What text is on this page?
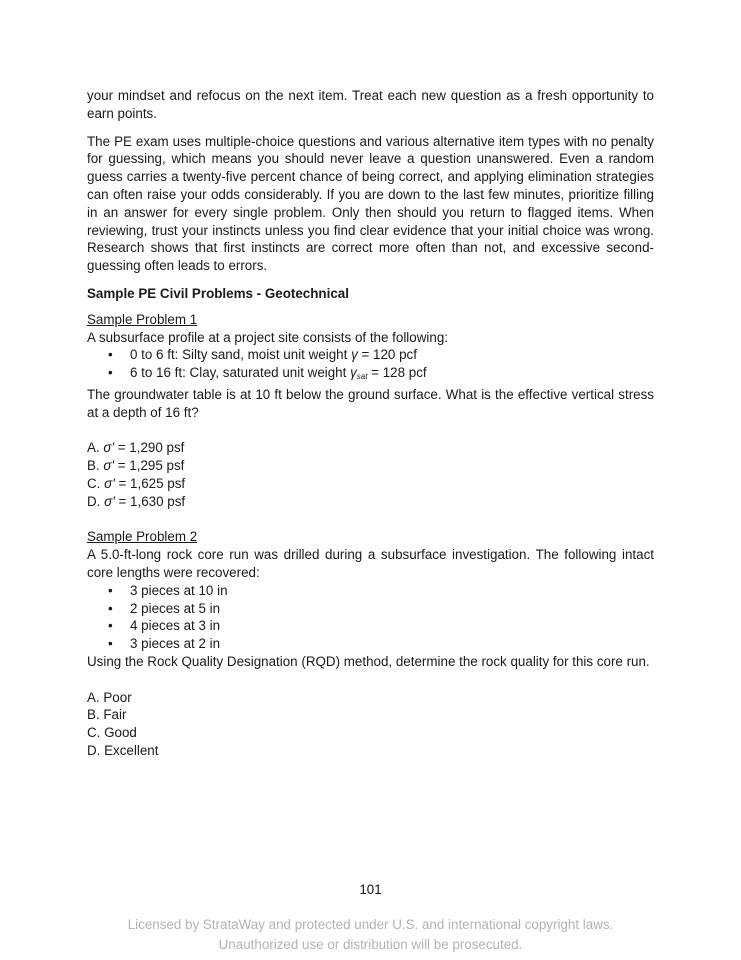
your mindset and refocus on the next item. Treat each new question as a fresh opportunity to earn points.

The PE exam uses multiple-choice questions and various alternative item types with no penalty for guessing, which means you should never leave a question unanswered. Even a random guess carries a twenty-five percent chance of being correct, and applying elimination strategies can often raise your odds considerably. If you are down to the last few minutes, prioritize filling in an answer for every single problem. Only then should you return to flagged items. When reviewing, trust your instincts unless you find clear evidence that your initial choice was wrong. Research shows that first instincts are correct more often than not, and excessive second-guessing often leads to errors.

Sample PE Civil Problems - Geotechnical

Sample Problem 1

A subsurface profile at a project site consists of the following:

• 0 to 6 ft: Silty sand, moist unit weight γ = 120 pcf
• 6 to 16 ft: Clay, saturated unit weight $\gamma_{sat} = 128$ pcf

The groundwater table is at 10 ft below the ground surface. What is the effective vertical stress at a depth of 16 ft?

A. σ' = 1,290 psf

B. σ' = 1,295 psf

C. σ' = 1,625 psf

D. σ' = 1,630 psf

Sample Problem 2

A 5.0-ft-long rock core run was drilled during a subsurface investigation. The following intact core lengths were recovered:

• 3 pieces at 10 in
• 2 pieces at 5 in
• 4 pieces at 3 in
• 3 pieces at 2 in

Using the Rock Quality Designation (RQD) method, determine the rock quality for this core run.

A. Poor

B. Fair

C. Good

D. Excellent

101
Licensed by StrataWay and protected under U.S. and international copyright laws.
Unauthorized use or distribution will be prosecuted.
